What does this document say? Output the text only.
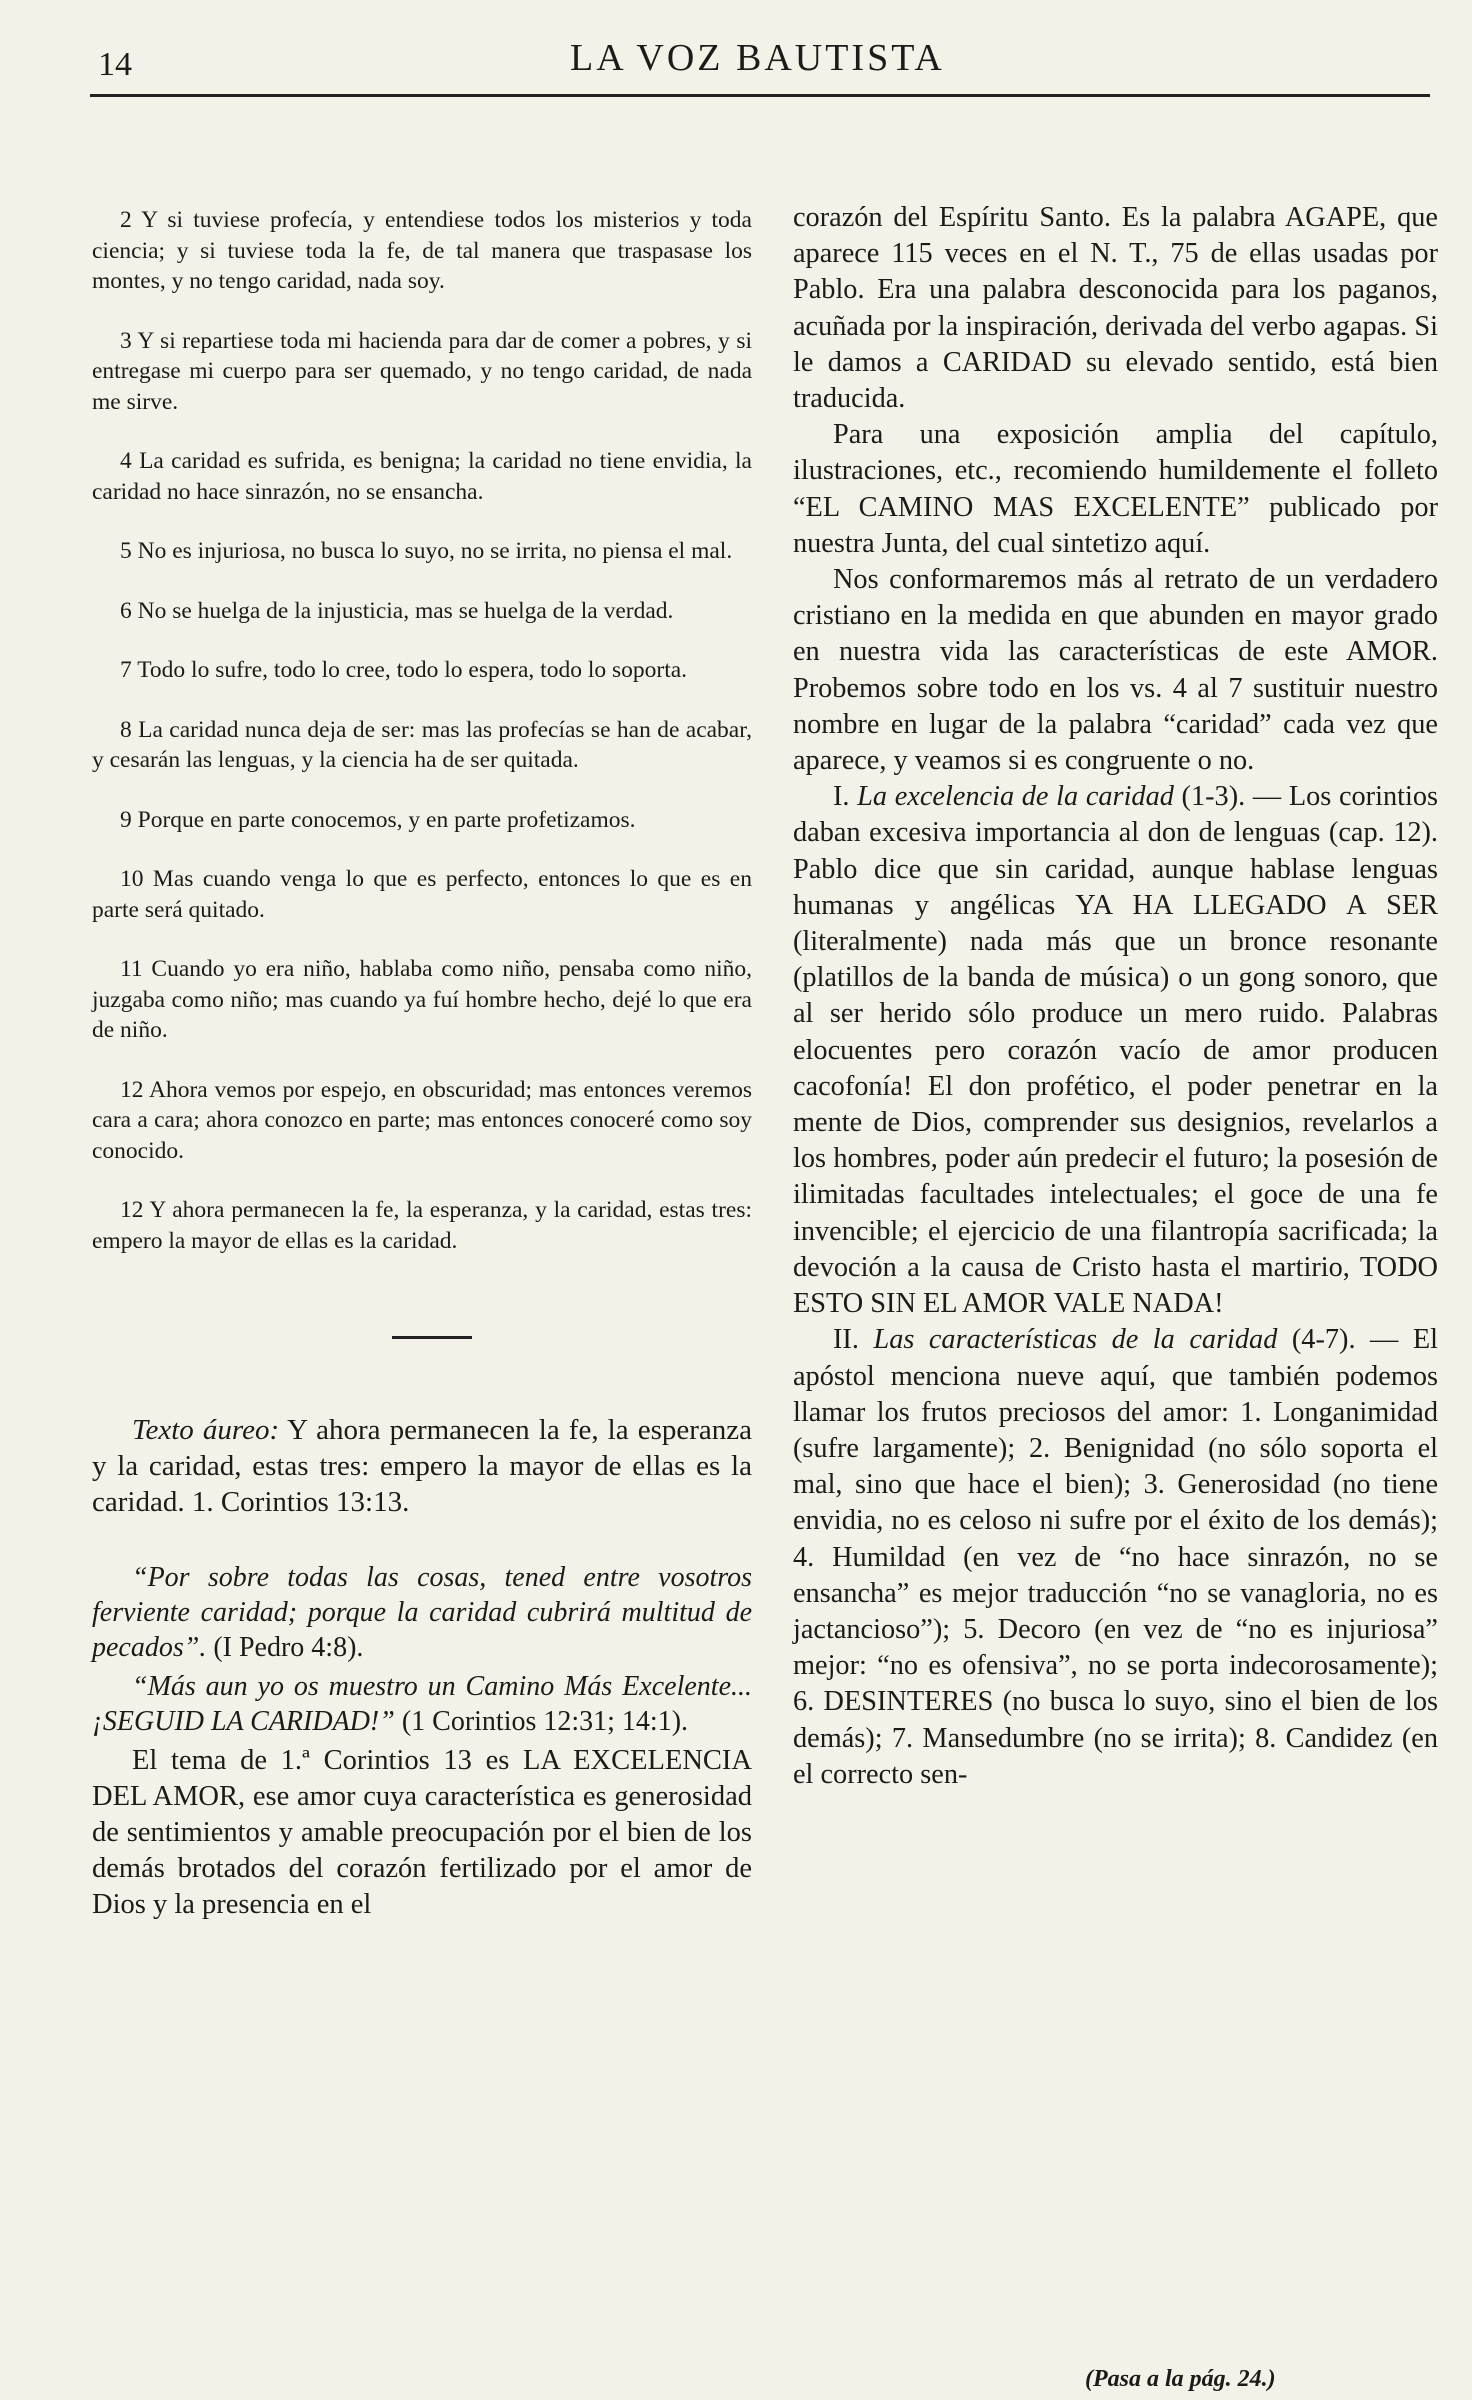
14	LA VOZ BAUTISTA

2 Y si tuviese profecía, y entendiese todos los misterios y toda ciencia; y si tuviese toda la fe, de tal manera que traspasase los montes, y no tengo caridad, nada soy.

3 Y si repartiese toda mi hacienda para dar de comer a pobres, y si entregase mi cuerpo para ser quemado, y no tengo caridad, de nada me sirve.

4 La caridad es sufrida, es benigna; la caridad no tiene envidia, la caridad no hace sinrazón, no se ensancha.

5 No es injuriosa, no busca lo suyo, no se irrita, no piensa el mal.

6 No se huelga de la injusticia, mas se huelga de la verdad.

7 Todo lo sufre, todo lo cree, todo lo espera, todo lo soporta.

8 La caridad nunca deja de ser: mas las profecías se han de acabar, y cesarán las lenguas, y la ciencia ha de ser quitada.

9 Porque en parte conocemos, y en parte profetizamos.

10 Mas cuando venga lo que es perfecto, entonces lo que es en parte será quitado.

11 Cuando yo era niño, hablaba como niño, pensaba como niño, juzgaba como niño; mas cuando ya fuí hombre hecho, dejé lo que era de niño.

12 Ahora vemos por espejo, en obscuridad; mas entonces veremos cara a cara; ahora conozco en parte; mas entonces conoceré como soy conocido.

12 Y ahora permanecen la fe, la esperanza, y la caridad, estas tres: empero la mayor de ellas es la caridad.

Texto áureo: Y ahora permanecen la fe, la esperanza y la caridad, estas tres: empero la mayor de ellas es la caridad. 1. Corintios 13:13.

“Por sobre todas las cosas, tened entre vosotros ferviente caridad; porque la caridad cubrirá multitud de pecados”. (I Pedro 4:8).

“Más aun yo os muestro un Camino Más Excelente... ¡SEGUID LA CARIDAD!” (1 Corintios 12:31; 14:1).

El tema de 1.ª Corintios 13 es LA EXCELENCIA DEL AMOR, ese amor cuya característica es generosidad de sentimientos y amable preocupación por el bien de los demás brotados del corazón fertilizado por el amor de Dios y la presencia en el

corazón del Espíritu Santo. Es la palabra AGAPE, que aparece 115 veces en el N. T., 75 de ellas usadas por Pablo. Era una palabra desconocida para los paganos, acuñada por la inspiración, derivada del verbo agapas. Si le damos a CARIDAD su elevado sentido, está bien traducida.

Para una exposición amplia del capítulo, ilustraciones, etc., recomiendo humildemente el folleto “EL CAMINO MAS EXCELENTE” publicado por nuestra Junta, del cual sintetizo aquí.

Nos conformaremos más al retrato de un verdadero cristiano en la medida en que abunden en mayor grado en nuestra vida las características de este AMOR. Probemos sobre todo en los vs. 4 al 7 sustituir nuestro nombre en lugar de la palabra “caridad” cada vez que aparece, y veamos si es congruente o no.

I. La excelencia de la caridad (1-3). — Los corintios daban excesiva importancia al don de lenguas (cap. 12). Pablo dice que sin caridad, aunque hablase lenguas humanas y angélicas YA HA LLEGADO A SER (literalmente) nada más que un bronce resonante (platillos de la banda de música) o un gong sonoro, que al ser herido sólo produce un mero ruido. Palabras elocuentes pero corazón vacío de amor producen cacofonía! El don profético, el poder penetrar en la mente de Dios, comprender sus designios, revelarlos a los hombres, poder aún predecir el futuro; la posesión de ilimitadas facultades intelectuales; el goce de una fe invencible; el ejercicio de una filantropía sacrificada; la devoción a la causa de Cristo hasta el martirio, TODO ESTO SIN EL AMOR VALE NADA!

II. Las características de la caridad (4-7). — El apóstol menciona nueve aquí, que también podemos llamar los frutos preciosos del amor: 1. Longanimidad (sufre largamente); 2. Benignidad (no sólo soporta el mal, sino que hace el bien); 3. Generosidad (no tiene envidia, no es celoso ni sufre por el éxito de los demás); 4. Humildad (en vez de “no hace sinrazón, no se ensancha” es mejor traducción “no se vanagloria, no es jactancioso”); 5. Decoro (en vez de “no es injuriosa” mejor: “no es ofensiva”, no se porta indecorosamente); 6. DESINTERES (no busca lo suyo, sino el bien de los demás); 7. Mansedumbre (no se irrita); 8. Candidez (en el correcto sen-

(Pasa a la pág. 24.)
